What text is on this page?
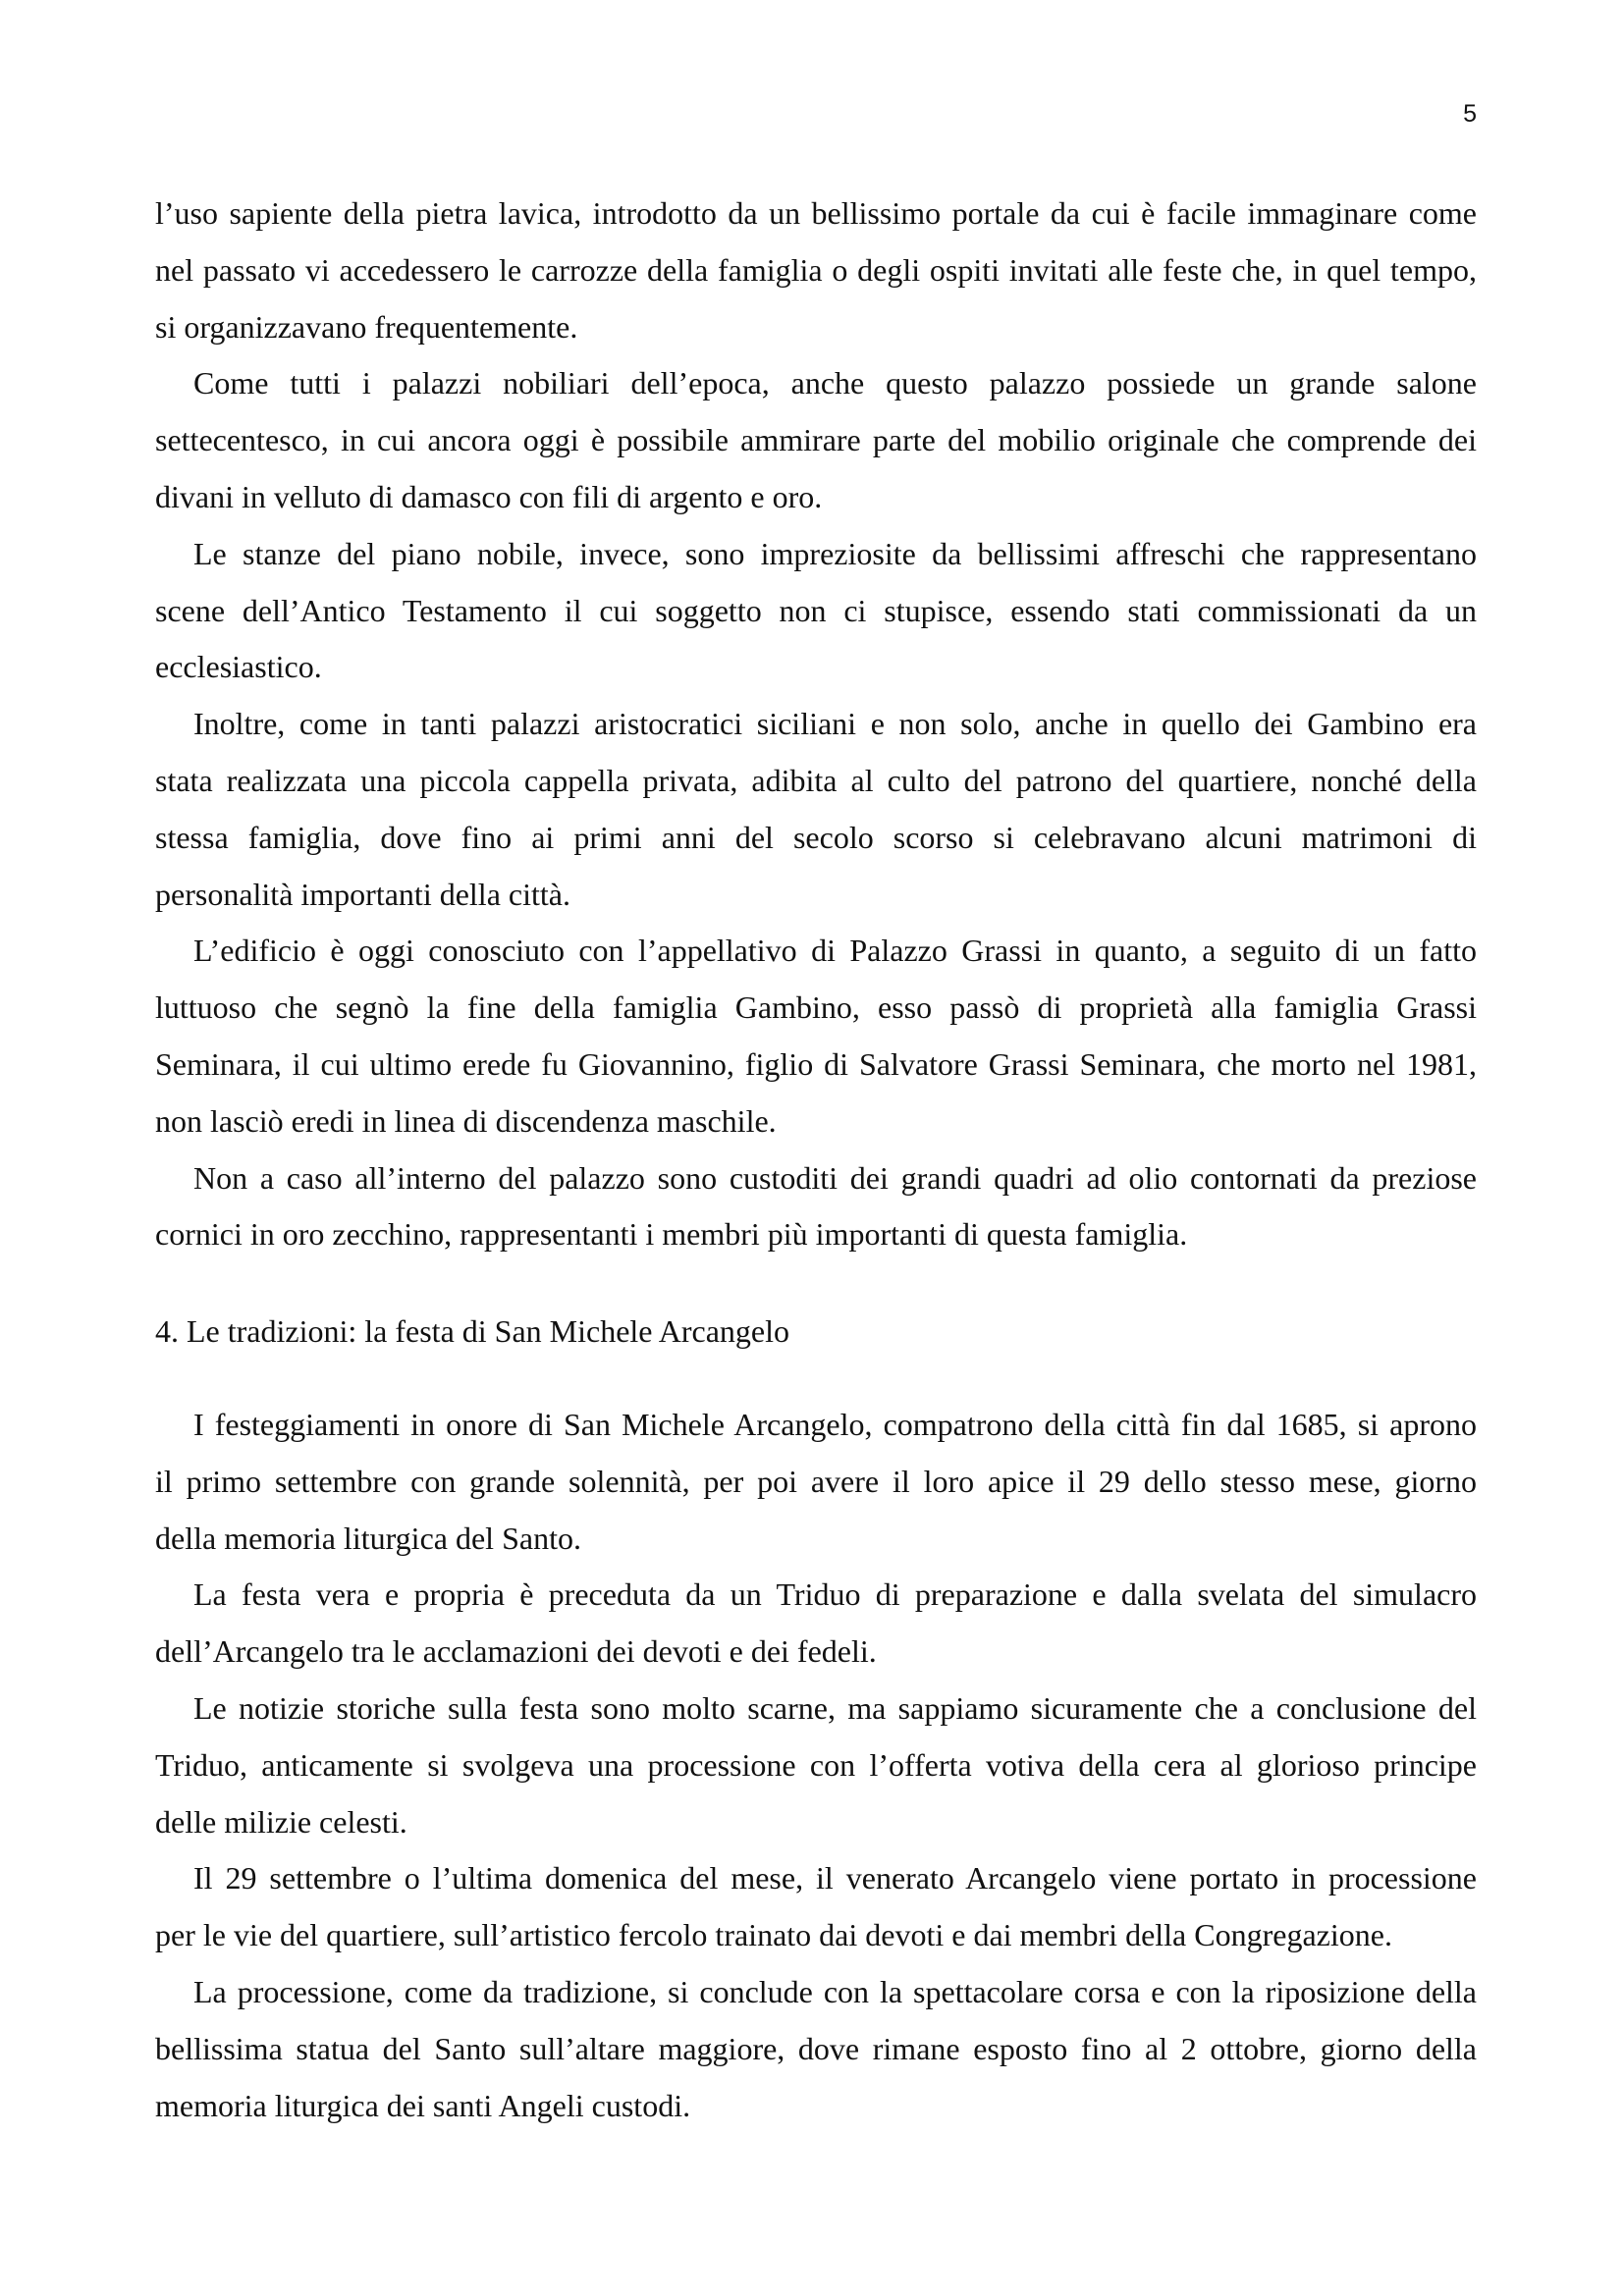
5
l’uso sapiente della pietra lavica, introdotto da un bellissimo portale da cui è facile immaginare come
nel passato vi accedessero le carrozze della famiglia o degli ospiti invitati alle feste che, in quel tempo,
si organizzavano frequentemente.
Come tutti i palazzi nobiliari dell’epoca, anche questo palazzo possiede un grande salone
settecentesco, in cui ancora oggi è possibile ammirare parte del mobilio originale che comprende dei
divani in velluto di damasco con fili di argento e oro.
Le stanze del piano nobile, invece, sono impreziosite da bellissimi affreschi che rappresentano
scene dell’Antico Testamento il cui soggetto non ci stupisce, essendo stati commissionati da un
ecclesiastico.
Inoltre, come in tanti palazzi aristocratici siciliani e non solo, anche in quello dei Gambino era
stata realizzata una piccola cappella privata, adibita al culto del patrono del quartiere, nonché della
stessa famiglia, dove fino ai primi anni del secolo scorso si celebravano alcuni matrimoni di
personalità importanti della città.
L’edificio è oggi conosciuto con l’appellativo di Palazzo Grassi in quanto, a seguito di un fatto
luttuoso che segnò la fine della famiglia Gambino, esso passò di proprietà alla famiglia Grassi
Seminara, il cui ultimo erede fu Giovannino, figlio di Salvatore Grassi Seminara, che morto nel 1981,
non lasciò eredi in linea di discendenza maschile.
Non a caso all’interno del palazzo sono custoditi dei grandi quadri ad olio contornati da preziose
cornici in oro zecchino, rappresentanti i membri più importanti di questa famiglia.
4. Le tradizioni: la festa di San Michele Arcangelo
I festeggiamenti in onore di San Michele Arcangelo, compatrono della città fin dal 1685, si aprono
il primo settembre con grande solennità, per poi avere il loro apice il 29 dello stesso mese, giorno
della memoria liturgica del Santo.
La festa vera e propria è preceduta da un Triduo di preparazione e dalla svelata del simulacro
dell’Arcangelo tra le acclamazioni dei devoti e dei fedeli.
Le notizie storiche sulla festa sono molto scarne, ma sappiamo sicuramente che a conclusione del
Triduo, anticamente si svolgeva una processione con l’offerta votiva della cera al glorioso principe
delle milizie celesti.
Il 29 settembre o l’ultima domenica del mese, il venerato Arcangelo viene portato in processione
per le vie del quartiere, sull’artistico fercolo trainato dai devoti e dai membri della Congregazione.
La processione, come da tradizione, si conclude con la spettacolare corsa e con la riposizione della
bellissima statua del Santo sull’altare maggiore, dove rimane esposto fino al 2 ottobre, giorno della
memoria liturgica dei santi Angeli custodi.
